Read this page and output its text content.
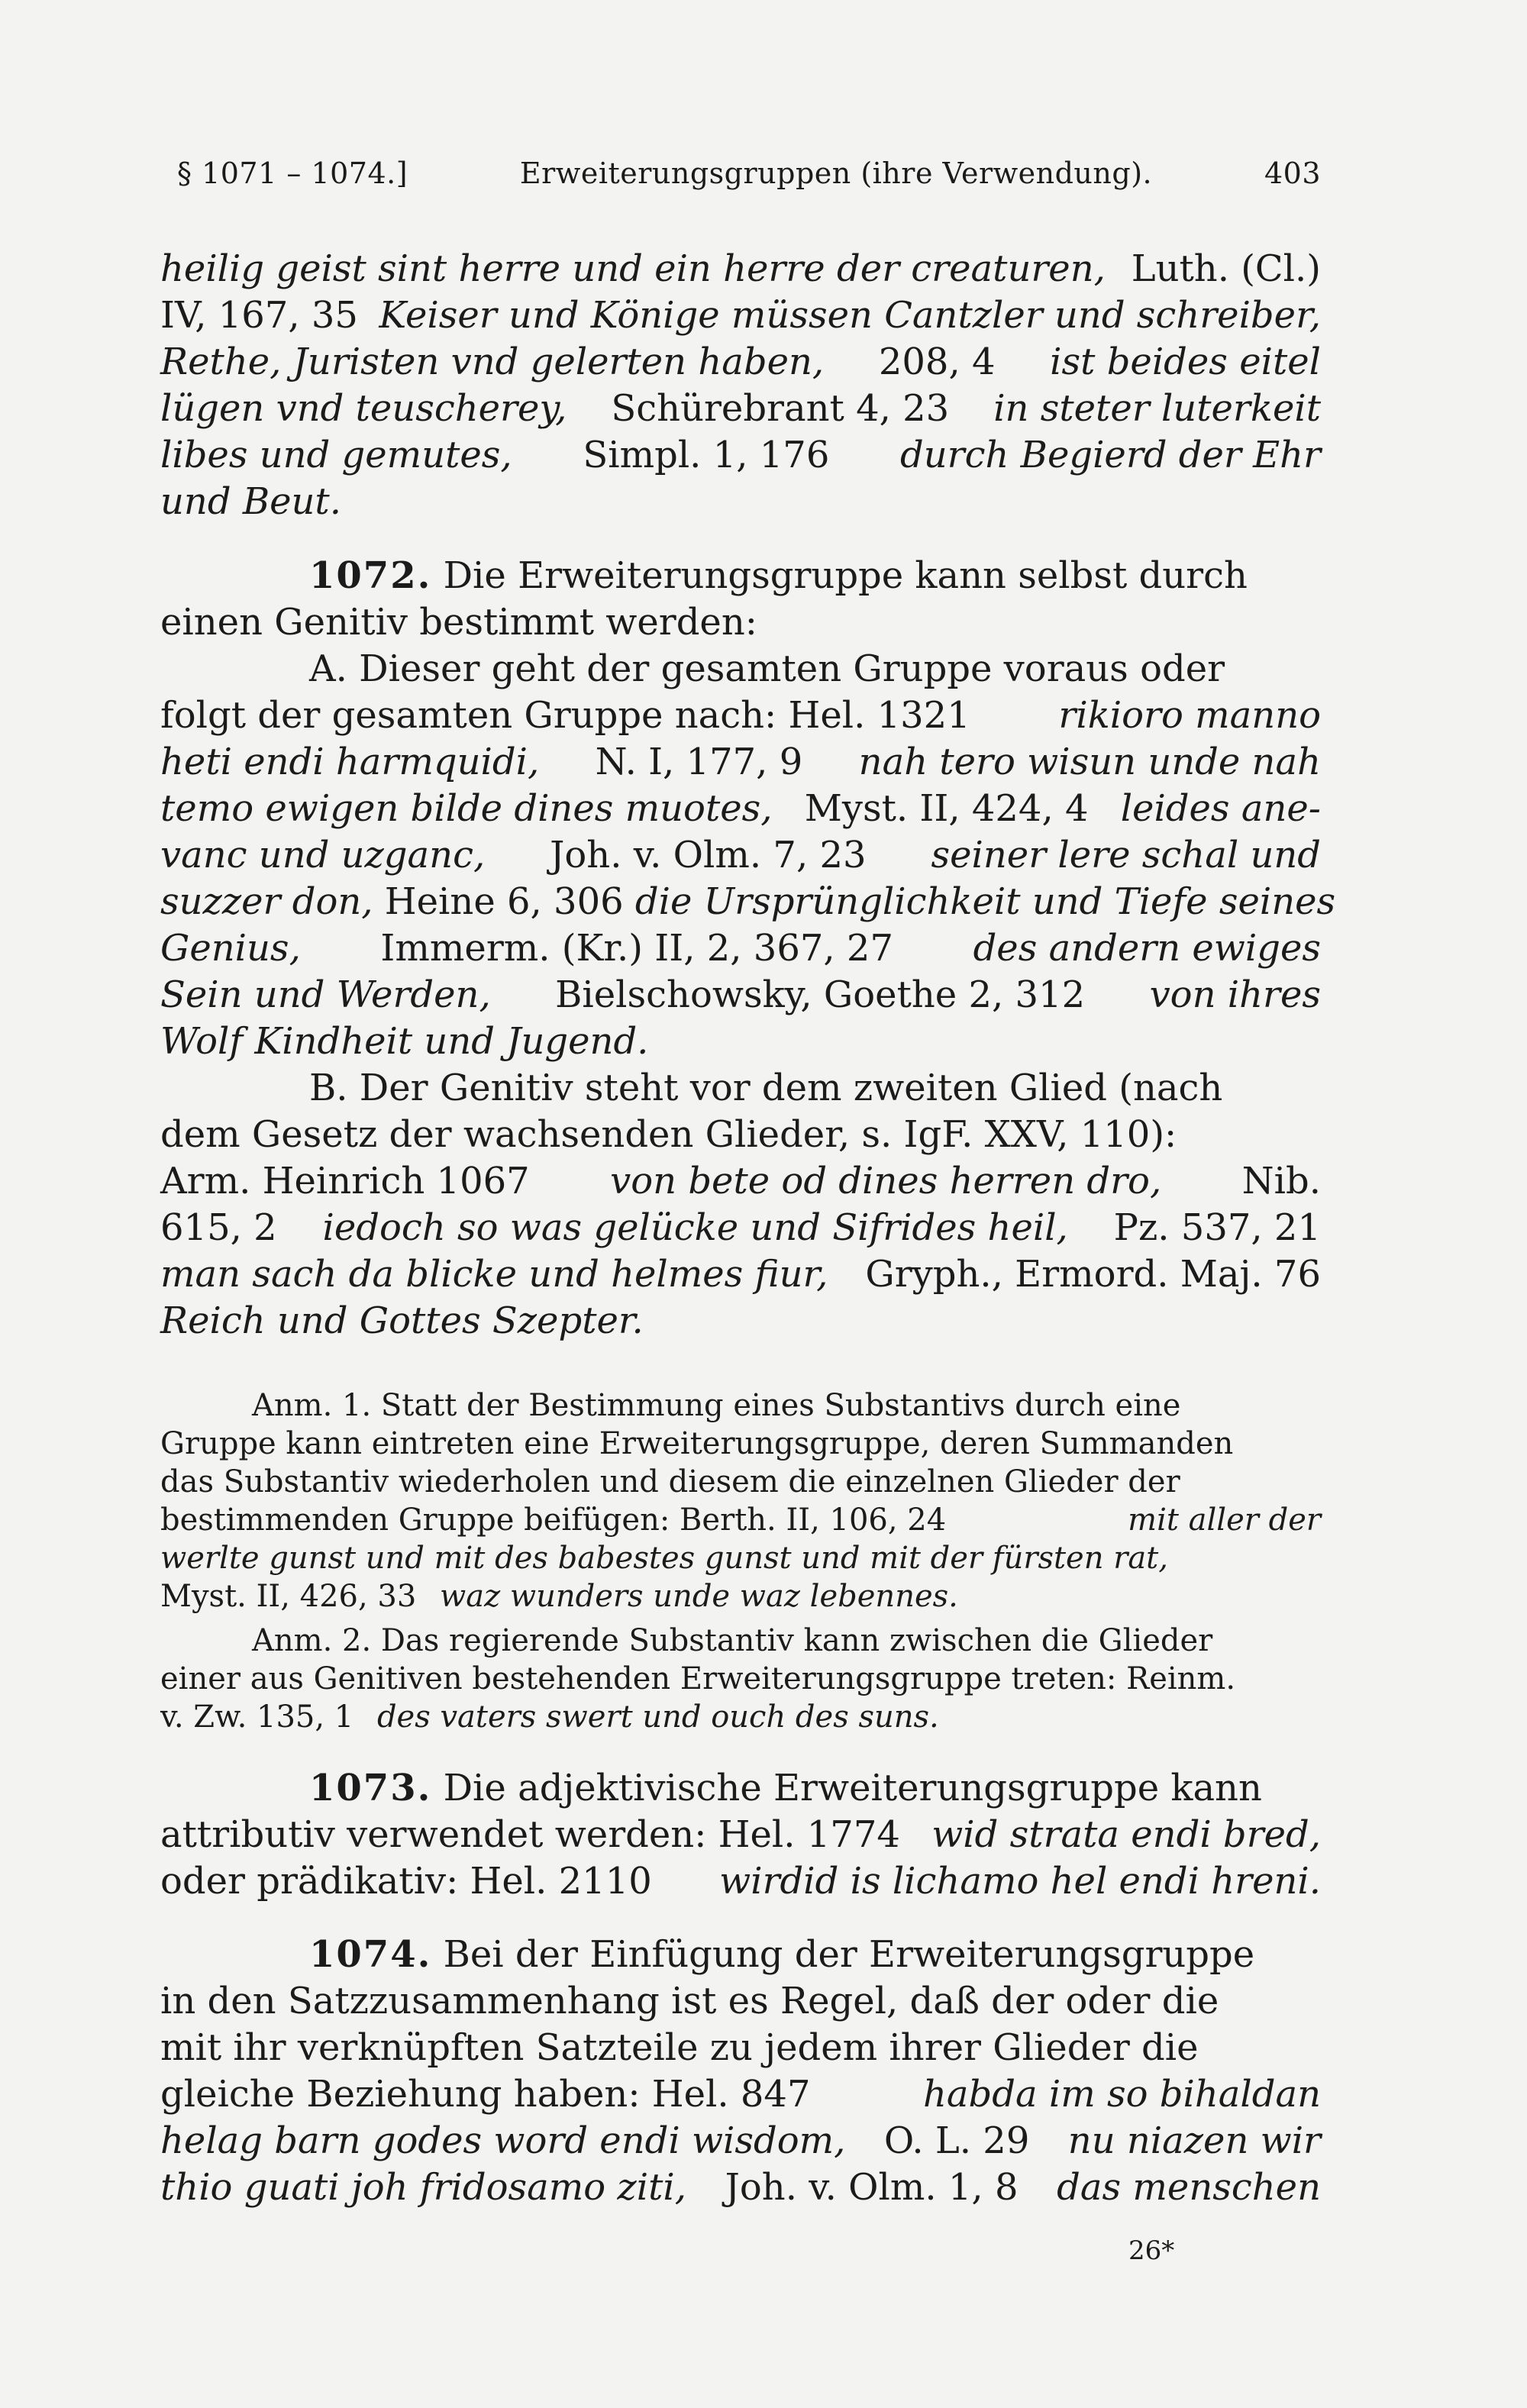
§ 1071 – 1074.]	Erweiterungsgruppen (ihre Verwendung).	403
heilig geist sint herre und ein herre der creaturen, Luth. (Cl.)
IV, 167, 35 Keiser und Könige müssen Cantzler und schreiber,
Rethe, Juristen vnd gelerten haben, 208, 4 ist beides eitel
lügen vnd teuscherey, Schürebrant 4, 23 in steter luterkeit
libes und gemutes, Simpl. 1, 176 durch Begierd der Ehr
und Beut.
1072. Die Erweiterungsgruppe kann selbst durch
einen Genitiv bestimmt werden:
A. Dieser geht der gesamten Gruppe voraus oder
folgt der gesamten Gruppe nach: Hel. 1321 rikioro manno
heti endi harmquidi, N. I, 177, 9 nah tero wisun unde nah
temo ewigen bilde dines muotes, Myst. II, 424, 4 leides ane-
vanc und uzganc, Joh. v. Olm. 7, 23 seiner lere schal und
suzzer don, Heine 6, 306 die Ursprünglichkeit und Tiefe seines
Genius, Immerm. (Kr.) II, 2, 367, 27 des andern ewiges
Sein und Werden, Bielschowsky, Goethe 2, 312 von ihres
Wolf Kindheit und Jugend.
B. Der Genitiv steht vor dem zweiten Glied (nach
dem Gesetz der wachsenden Glieder, s. IgF. XXV, 110):
Arm. Heinrich 1067 von bete od dines herren dro, Nib.
615, 2 iedoch so was gelücke und Sifrides heil, Pz. 537, 21
man sach da blicke und helmes fiur, Gryph., Ermord. Maj. 76
Reich und Gottes Szepter.
Anm. 1. Statt der Bestimmung eines Substantivs durch eine
Gruppe kann eintreten eine Erweiterungsgruppe, deren Summanden
das Substantiv wiederholen und diesem die einzelnen Glieder der
bestimmenden Gruppe beifügen: Berth. II, 106, 24	mit aller der
werlte gunst und mit des babestes gunst und mit der fürsten rat,
Myst. II, 426, 33 waz wunders unde waz lebennes.
Anm. 2. Das regierende Substantiv kann zwischen die Glieder
einer aus Genitiven bestehenden Erweiterungsgruppe treten: Reinm.
v. Zw. 135, 1 des vaters swert und ouch des suns.
1073. Die adjektivische Erweiterungsgruppe kann
attributiv verwendet werden: Hel. 1774 wid strata endi bred,
oder prädikativ: Hel. 2110 wirdid is lichamo hel endi hreni.
1074. Bei der Einfügung der Erweiterungsgruppe
in den Satzzusammenhang ist es Regel, daß der oder die
mit ihr verknüpften Satzteile zu jedem ihrer Glieder die
gleiche Beziehung haben: Hel. 847	habda im so bihaldan
helag barn godes word endi wisdom, O. L. 29 nu niazen wir
thio guati joh fridosamo ziti, Joh. v. Olm. 1, 8 das menschen
26*
